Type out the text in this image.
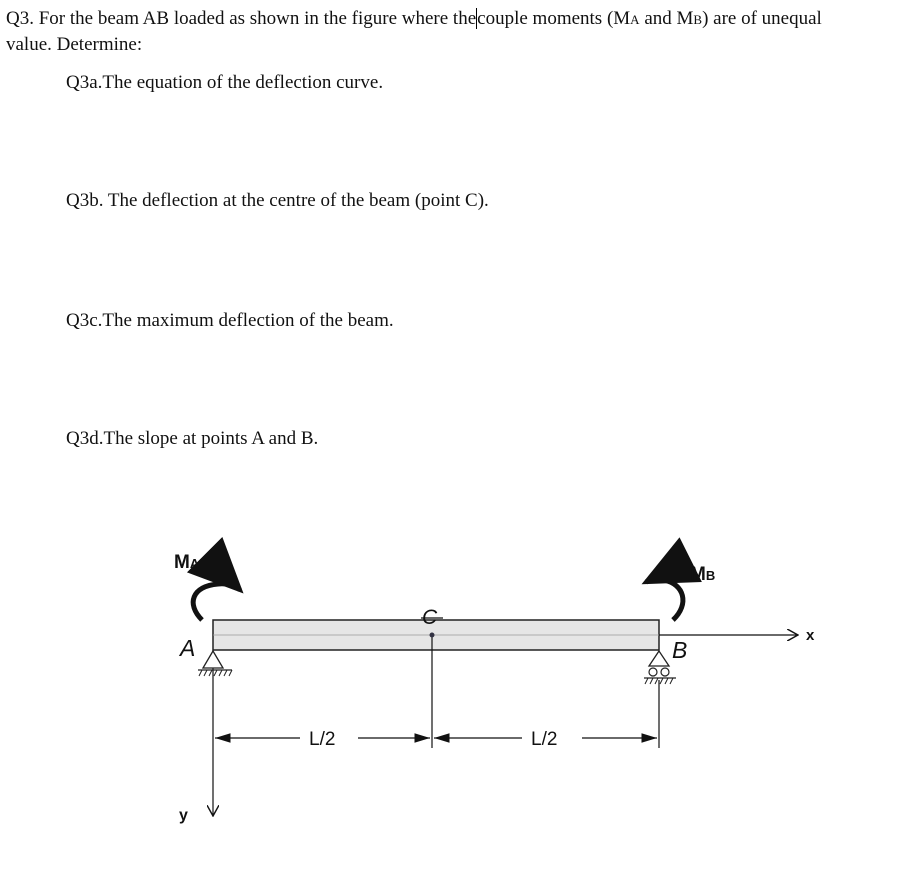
Q3. For the beam AB loaded as shown in the figure where thecouple moments (MA and MB) are of unequal
value. Determine:
Q3a.The equation of the deflection curve.
Q3b. The deflection at the centre of the beam (point C).
Q3c.The maximum deflection of the beam.
Q3d.The slope at points A and B.
x
y
L/2	L/2
C
A	B
MA
MB
